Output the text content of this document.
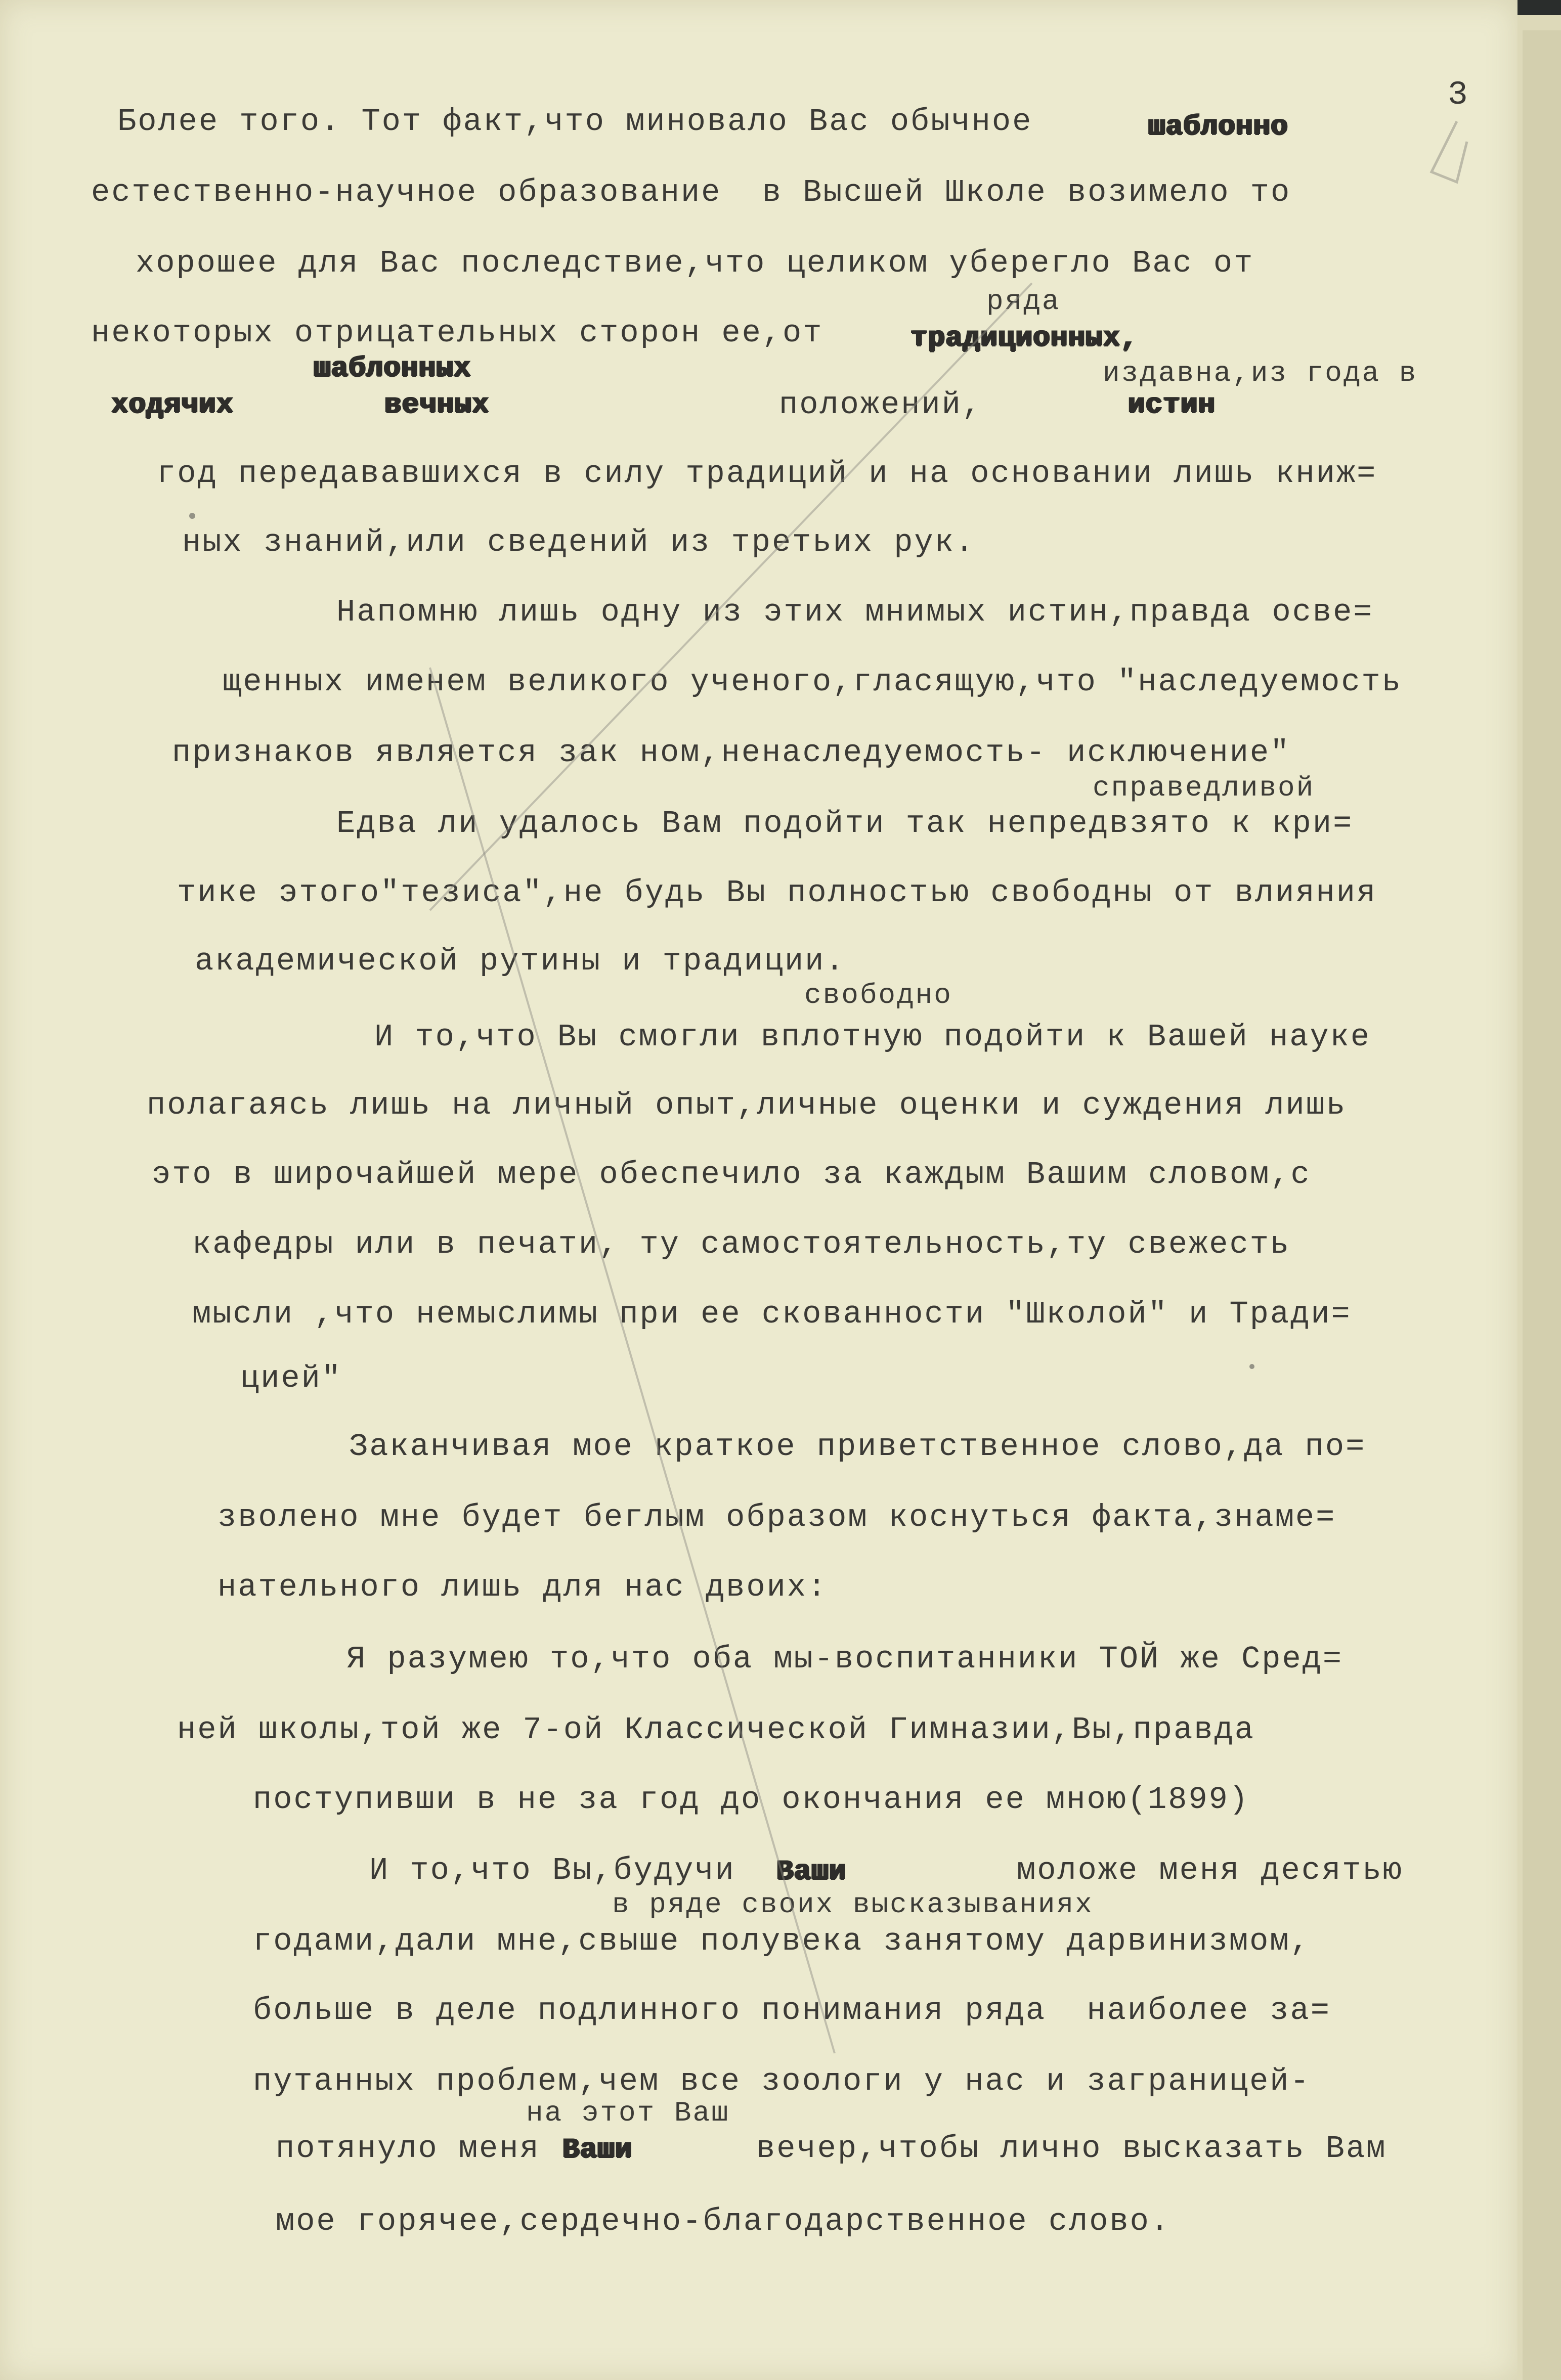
3
Более того. Тот факт,что миновало Вас обычное	шаблонно
естественно-научное образование  в Высшей Школе возимело то
хорошее для Вас последствие,что целиком уберегло Вас от
ряда
некоторых отрицательных сторон ее,от	традиционных,
шаблонных	издавна,из года в
ходячих	вечных	положений,	истин
год передававшихся в силу традиций и на основании лишь книж=
ных знаний,или сведений из третьих рук.
Напомню лишь одну из этих мнимых истин,правда осве=
щенных именем великого ученого,гласящую,что "наследуемость
признаков является зак ном,ненаследуемость- исключение"
справедливой
Едва ли удалось Вам подойти так непредвзято к кри=
тике этого"тезиса",не будь Вы полностью свободны от влияния
академической рутины и традиции.
свободно
И то,что Вы смогли вплотную подойти к Вашей науке
полагаясь лишь на личный опыт,личные оценки и суждения лишь
это в широчайшей мере обеспечило за каждым Вашим словом,с
кафедры или в печати, ту самостоятельность,ту свежесть
мысли ,что немыслимы при ее скованности "Школой" и Тради=
цией"
Заканчивая мое краткое приветственное слово,да по=
зволено мне будет беглым образом коснуться факта,знаме=
нательного лишь для нас двоих:
Я разумею то,что оба мы-воспитанники ТОЙ же Сред=
ней школы,той же 7-ой Классической Гимназии,Вы,правда
поступивши в не за год до окончания ее мною(1899)
И то,что Вы,будучи Ваши	моложе меня десятью
в ряде своих высказываниях
годами,дали мне,свыше полувека занятому дарвинизмом,
больше в деле подлинного понимания ряда  наиболее за=
путанных проблем,чем все зоологи у нас и заграницей-
на этот Ваш
потянуло меня Ваши	вечер,чтобы лично высказать Вам
мое горячее,сердечно-благодарственное слово.
